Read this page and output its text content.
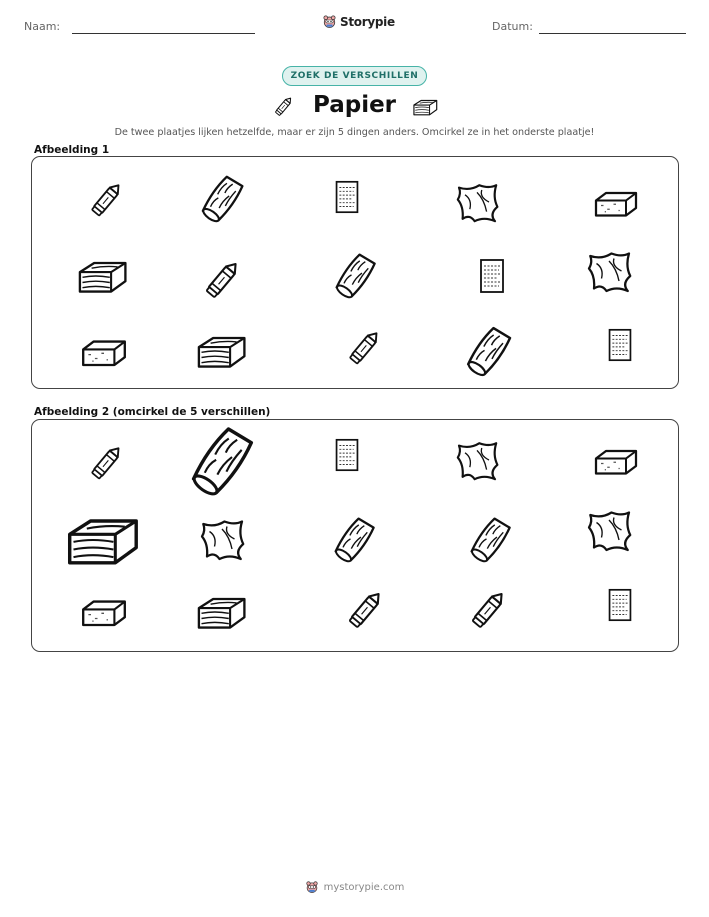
Naam:	Storypie	Datum:
ZOEK DE VERSCHILLEN
Papier
De twee plaatjes lijken hetzelfde, maar er zijn 5 dingen anders. Omcirkel ze in het onderste plaatje!
Afbeelding 1
Afbeelding 2 (omcirkel de 5 verschillen)
mystorypie.com
